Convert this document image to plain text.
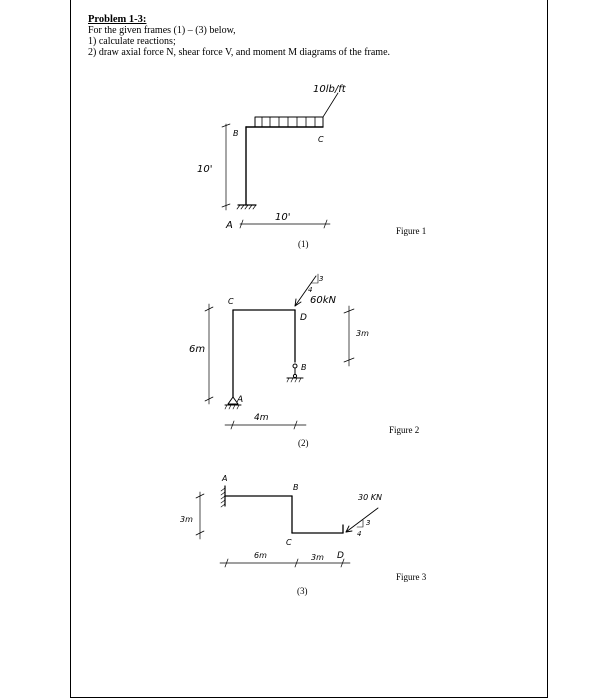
Problem 1-3:
For the given frames (1) – (3) below,
1) calculate reactions;
2) draw axial force N, shear force V, and moment M diagrams of the frame.
10lb/ft
B
C
A
10'
10'
(1)
Figure 1
3
4
60kN
C
D
B
A
6m
3m
4m
(2)
Figure 2
3
4
30 KN
A
B
C
D
3m
6m	3m
(3)
Figure 3
